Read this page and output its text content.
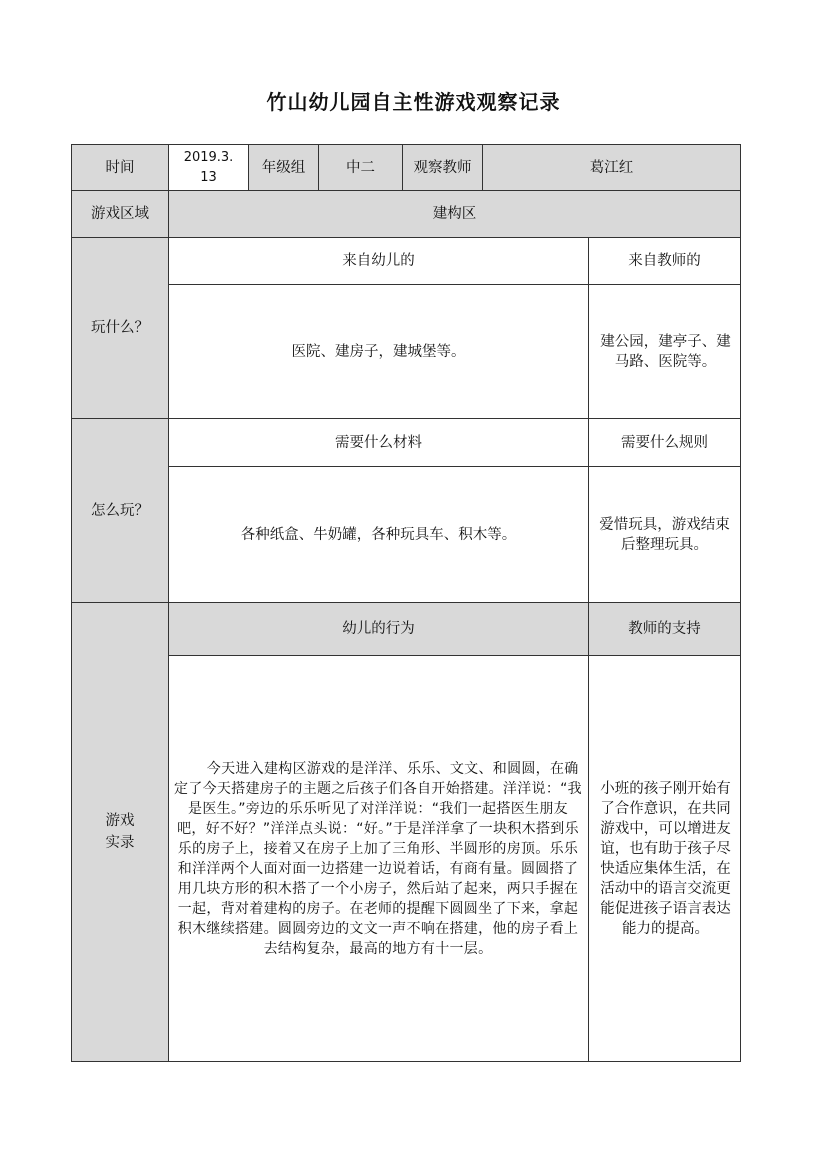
竹山幼儿园自主性游戏观察记录
时间	2019.3.13	年级组	中二	观察教师	葛江红	
游戏区域	建构区					
玩什么？	来自幼儿的					来自教师的
	医院、建房子，建城堡等。					建公园，建亭子、建马路、医院等。
怎么玩？	需要什么材料					需要什么规则
	各种纸盒、牛奶罐，各种玩具车、积木等。					爱惜玩具，游戏结束后整理玩具。

游戏实录	幼儿的行为					教师的支持
	今天进入建构区游戏的是洋洋、乐乐、文文、和圆圆，在确定了今天搭建房子的主题之后孩子们各自开始搭建。洋洋说：“我是医生。”旁边的乐乐听见了对洋洋说：“我们一起搭医生朋友吧，好不好？”洋洋点头说：“好。”于是洋洋拿了一块积木搭到乐乐的房子上，接着又在房子上加了三角形、半圆形的房顶。乐乐和洋洋两个人面对面一边搭建一边说着话，有商有量。圆圆搭了用几块方形的积木搭了一个小房子，然后站了起来，两只手握在一起，背对着建构的房子。在老师的提醒下圆圆坐了下来，拿起积木继续搭建。圆圆旁边的文文一声不响在搭建，他的房子看上去结构复杂，最高的地方有十一层。					小班的孩子刚开始有了合作意识，在共同游戏中，可以增进友谊，也有助于孩子尽快适应集体生活，在活动中的语言交流更能促进孩子语言表达能力的提高。
